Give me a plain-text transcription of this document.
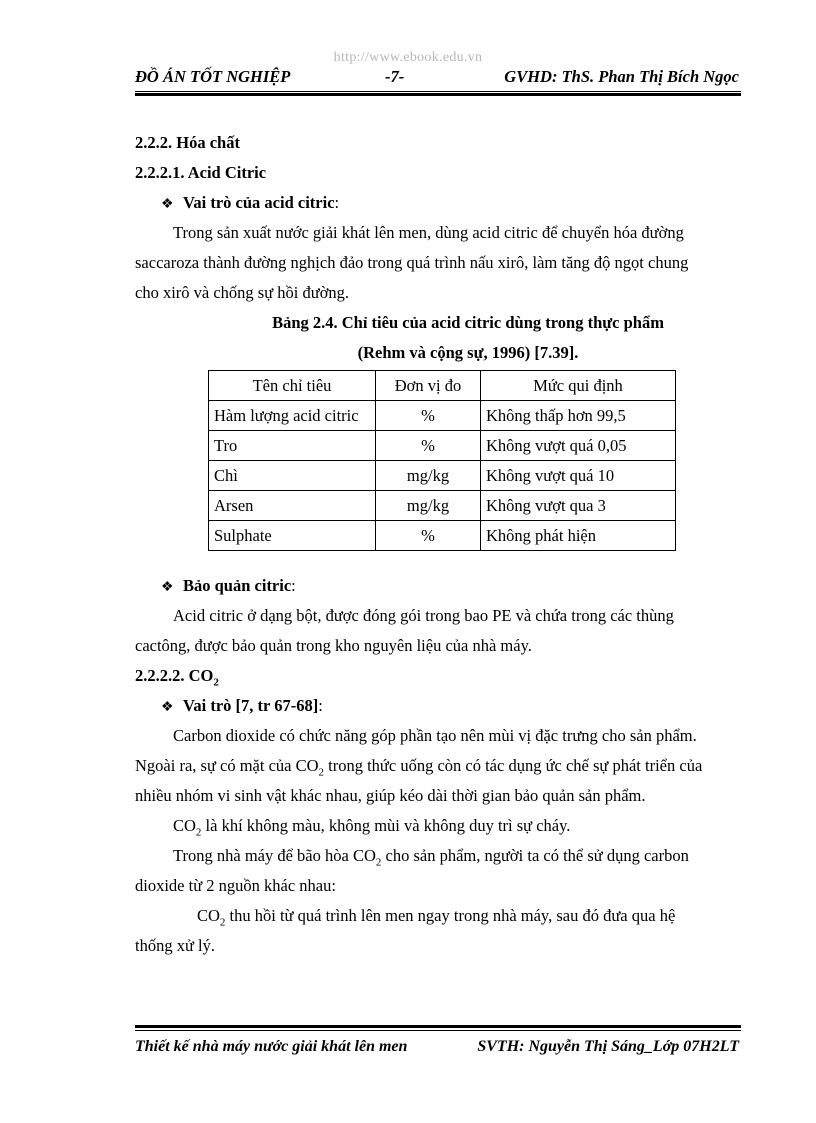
http://www.ebook.edu.vn
ĐỒ ÁN TỐT NGHIỆP	-7-	GVHD: ThS. Phan Thị Bích Ngọc
2.2.2. Hóa chất
2.2.2.1. Acid Citric
❖ Vai trò của acid citric:
Trong sản xuất nước giải khát lên men, dùng acid citric để chuyển hóa đường
saccaroza thành đường nghịch đảo trong quá trình nấu xirô, làm tăng độ ngọt chung
cho xirô và chống sự hồi đường.
Bảng 2.4. Chỉ tiêu của acid citric dùng trong thực phẩm
(Rehm và cộng sự, 1996) [7.39].
Tên chỉ tiêu	Đơn vị đo	Mức qui định
Hàm lượng acid citric	%	Không thấp hơn 99,5
Tro	%	Không vượt quá 0,05
Chì	mg/kg	Không vượt quá 10
Arsen	mg/kg	Không vượt qua 3
Sulphate	%	Không phát hiện
❖ Bảo quản citric:
Acid citric ở dạng bột, được đóng gói trong bao PE và chứa trong các thùng
cactông, được bảo quản trong kho nguyên liệu của nhà máy.
2.2.2.2. $CO_2$
❖ Vai trò [7, tr 67-68]:
Carbon dioxide có chức năng góp phần tạo nên mùi vị đặc trưng cho sản phẩm.
Ngoài ra, sự có mặt của $CO_2$ trong thức uống còn có tác dụng ức chế sự phát triển của
nhiều nhóm vi sinh vật khác nhau, giúp kéo dài thời gian bảo quản sản phẩm.
$CO_2$ là khí không màu, không mùi và không duy trì sự cháy.
Trong nhà máy để bão hòa $CO_2$ cho sản phẩm, người ta có thể sử dụng carbon
dioxide từ 2 nguồn khác nhau:
$CO_2$ thu hồi từ quá trình lên men ngay trong nhà máy, sau đó đưa qua hệ
thống xử lý.
Thiết kế nhà máy nước giải khát lên men	SVTH: Nguyễn Thị Sáng_Lớp 07H2LT
